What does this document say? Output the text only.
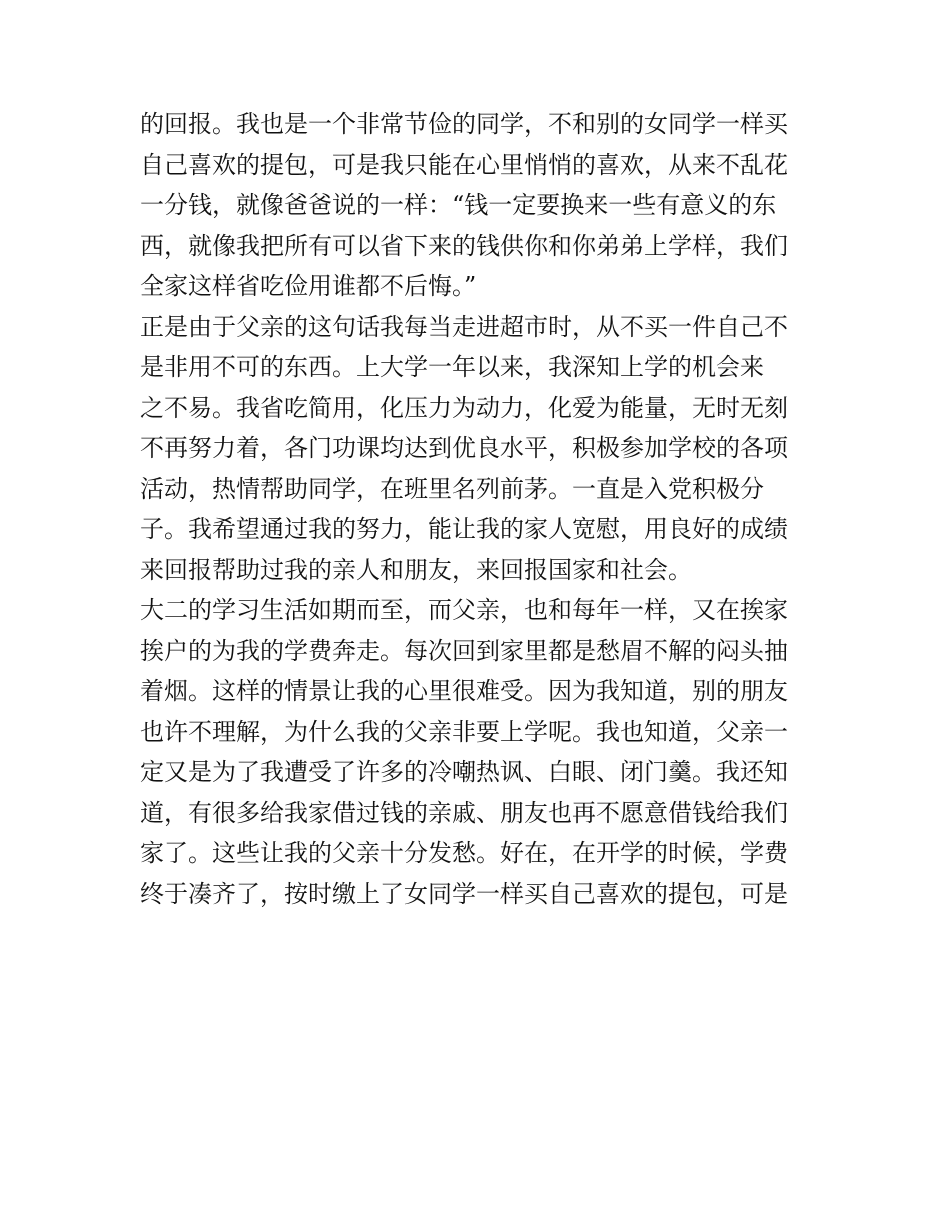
的回报。我也是一个非常节俭的同学，不和别的女同学一样买
自己喜欢的提包，可是我只能在心里悄悄的喜欢，从来不乱花
一分钱，就像爸爸说的一样：“钱一定要换来一些有意义的东
西，就像我把所有可以省下来的钱供你和你弟弟上学样，我们
全家这样省吃俭用谁都不后悔。”
正是由于父亲的这句话我每当走进超市时，从不买一件自己不
是非用不可的东西。上大学一年以来，我深知上学的机会来
之不易。我省吃简用，化压力为动力，化爱为能量，无时无刻
不再努力着，各门功课均达到优良水平，积极参加学校的各项
活动，热情帮助同学，在班里名列前茅。一直是入党积极分
子。我希望通过我的努力，能让我的家人宽慰，用良好的成绩
来回报帮助过我的亲人和朋友，来回报国家和社会。
大二的学习生活如期而至，而父亲，也和每年一样，又在挨家
挨户的为我的学费奔走。每次回到家里都是愁眉不解的闷头抽
着烟。这样的情景让我的心里很难受。因为我知道，别的朋友
也许不理解，为什么我的父亲非要上学呢。我也知道，父亲一
定又是为了我遭受了许多的冷嘲热讽、白眼、闭门羹。我还知
道，有很多给我家借过钱的亲戚、朋友也再不愿意借钱给我们
家了。这些让我的父亲十分发愁。好在，在开学的时候，学费
终于凑齐了，按时缴上了女同学一样买自己喜欢的提包，可是
